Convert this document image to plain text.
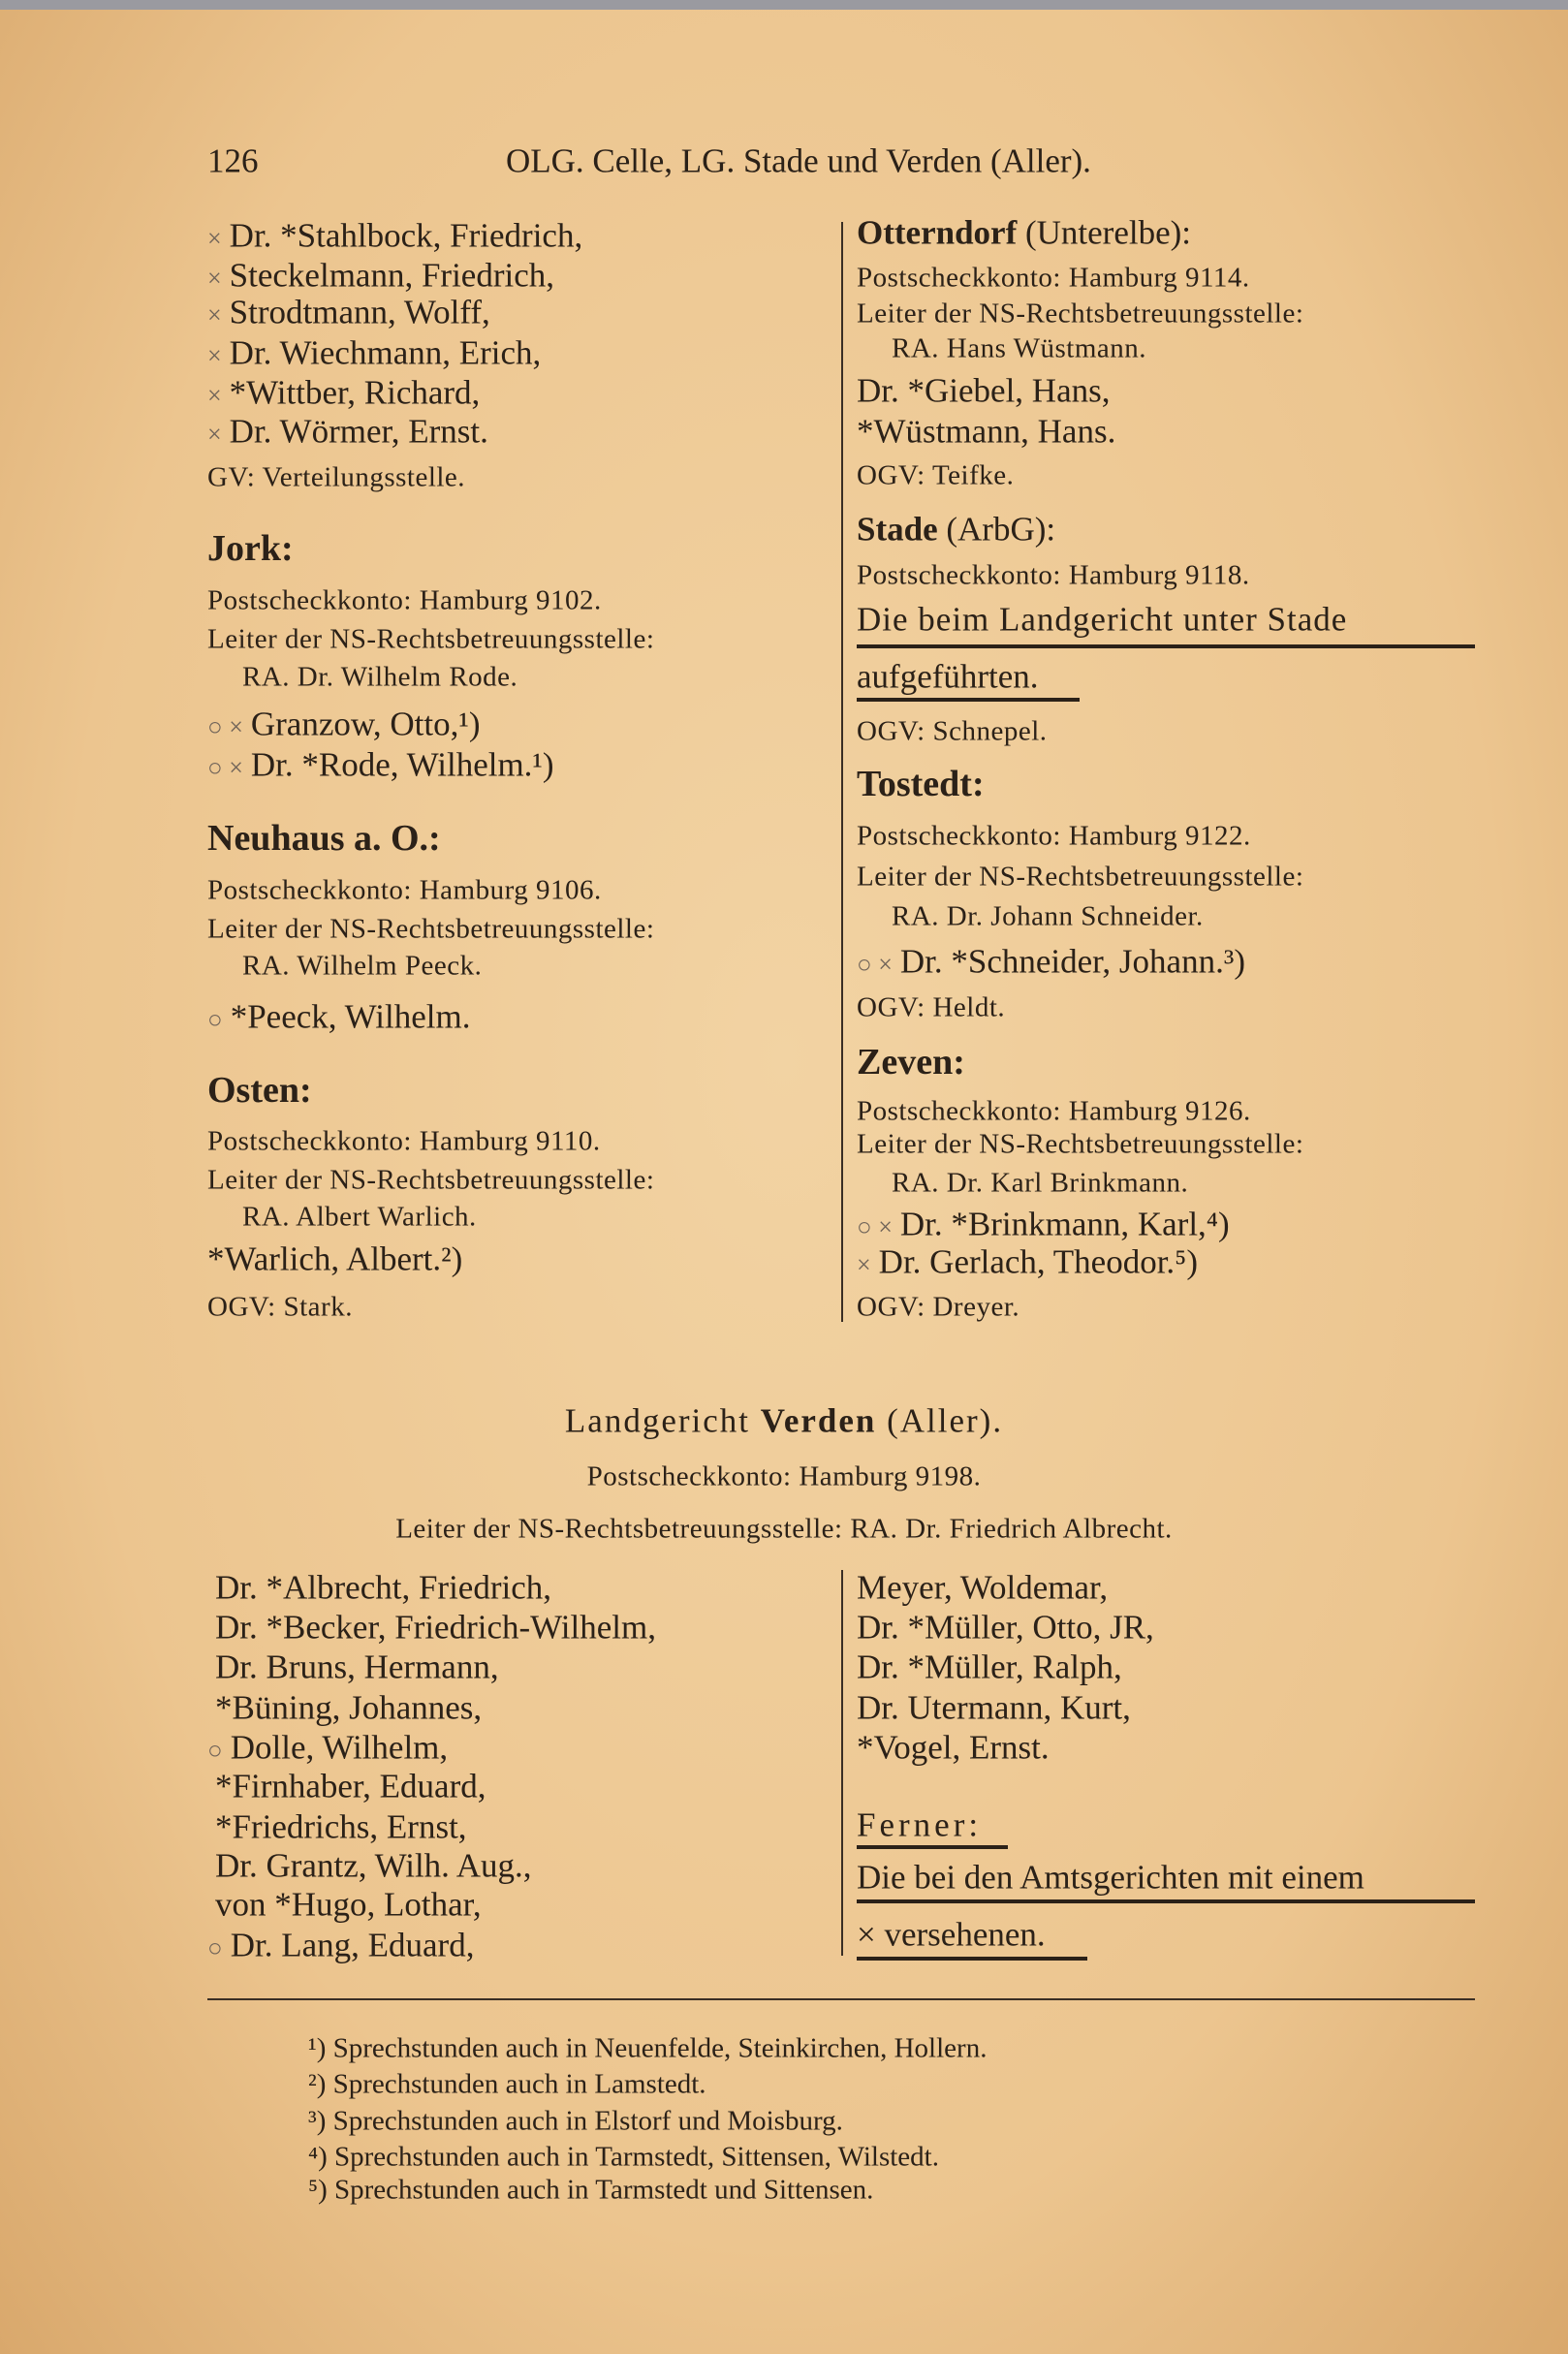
126	OLG. Celle, LG. Stade und Verden (Aller).
× Dr. *Stahlbock, Friedrich,
× Steckelmann, Friedrich,
× Strodtmann, Wolff,
× Dr. Wiechmann, Erich,
× *Wittber, Richard,
× Dr. Wörmer, Ernst.
GV: Verteilungsstelle.
Jork:
Postscheckkonto: Hamburg 9102.
Leiter der NS-Rechtsbetreuungsstelle:
RA. Dr. Wilhelm Rode.
○ × Granzow, Otto,¹)
○ × Dr. *Rode, Wilhelm.¹)
Neuhaus a. O.:
Postscheckkonto: Hamburg 9106.
Leiter der NS-Rechtsbetreuungsstelle:
RA. Wilhelm Peeck.
○ *Peeck, Wilhelm.
Osten:
Postscheckkonto: Hamburg 9110.
Leiter der NS-Rechtsbetreuungsstelle:
RA. Albert Warlich.
*Warlich, Albert.²)
OGV: Stark.
Otterndorf (Unterelbe):
Postscheckkonto: Hamburg 9114.
Leiter der NS-Rechtsbetreuungsstelle:
RA. Hans Wüstmann.
Dr. *Giebel, Hans,
*Wüstmann, Hans.
OGV: Teifke.
Stade (ArbG):
Postscheckkonto: Hamburg 9118.
Die beim Landgericht unter Stade
aufgeführten.
OGV: Schnepel.
Tostedt:
Postscheckkonto: Hamburg 9122.
Leiter der NS-Rechtsbetreuungsstelle:
RA. Dr. Johann Schneider.
○ × Dr. *Schneider, Johann.³)
OGV: Heldt.
Zeven:
Postscheckkonto: Hamburg 9126.
Leiter der NS-Rechtsbetreuungsstelle:
RA. Dr. Karl Brinkmann.
○ × Dr. *Brinkmann, Karl,⁴)
× Dr. Gerlach, Theodor.⁵)
OGV: Dreyer.
Landgericht Verden (Aller).
Postscheckkonto: Hamburg 9198.
Leiter der NS-Rechtsbetreuungsstelle: RA. Dr. Friedrich Albrecht.
Dr. *Albrecht, Friedrich,
Dr. *Becker, Friedrich-Wilhelm,
Dr. Bruns, Hermann,
*Büning, Johannes,
○ Dolle, Wilhelm,
*Firnhaber, Eduard,
*Friedrichs, Ernst,
Dr. Grantz, Wilh. Aug.,
von *Hugo, Lothar,
○ Dr. Lang, Eduard,
Meyer, Woldemar,
Dr. *Müller, Otto, JR,
Dr. *Müller, Ralph,
Dr. Utermann, Kurt,
*Vogel, Ernst.
Ferner:
Die bei den Amtsgerichten mit einem
× versehenen.
¹) Sprechstunden auch in Neuenfelde, Steinkirchen, Hollern.
²) Sprechstunden auch in Lamstedt.
³) Sprechstunden auch in Elstorf und Moisburg.
⁴) Sprechstunden auch in Tarmstedt, Sittensen, Wilstedt.
⁵) Sprechstunden auch in Tarmstedt und Sittensen.
